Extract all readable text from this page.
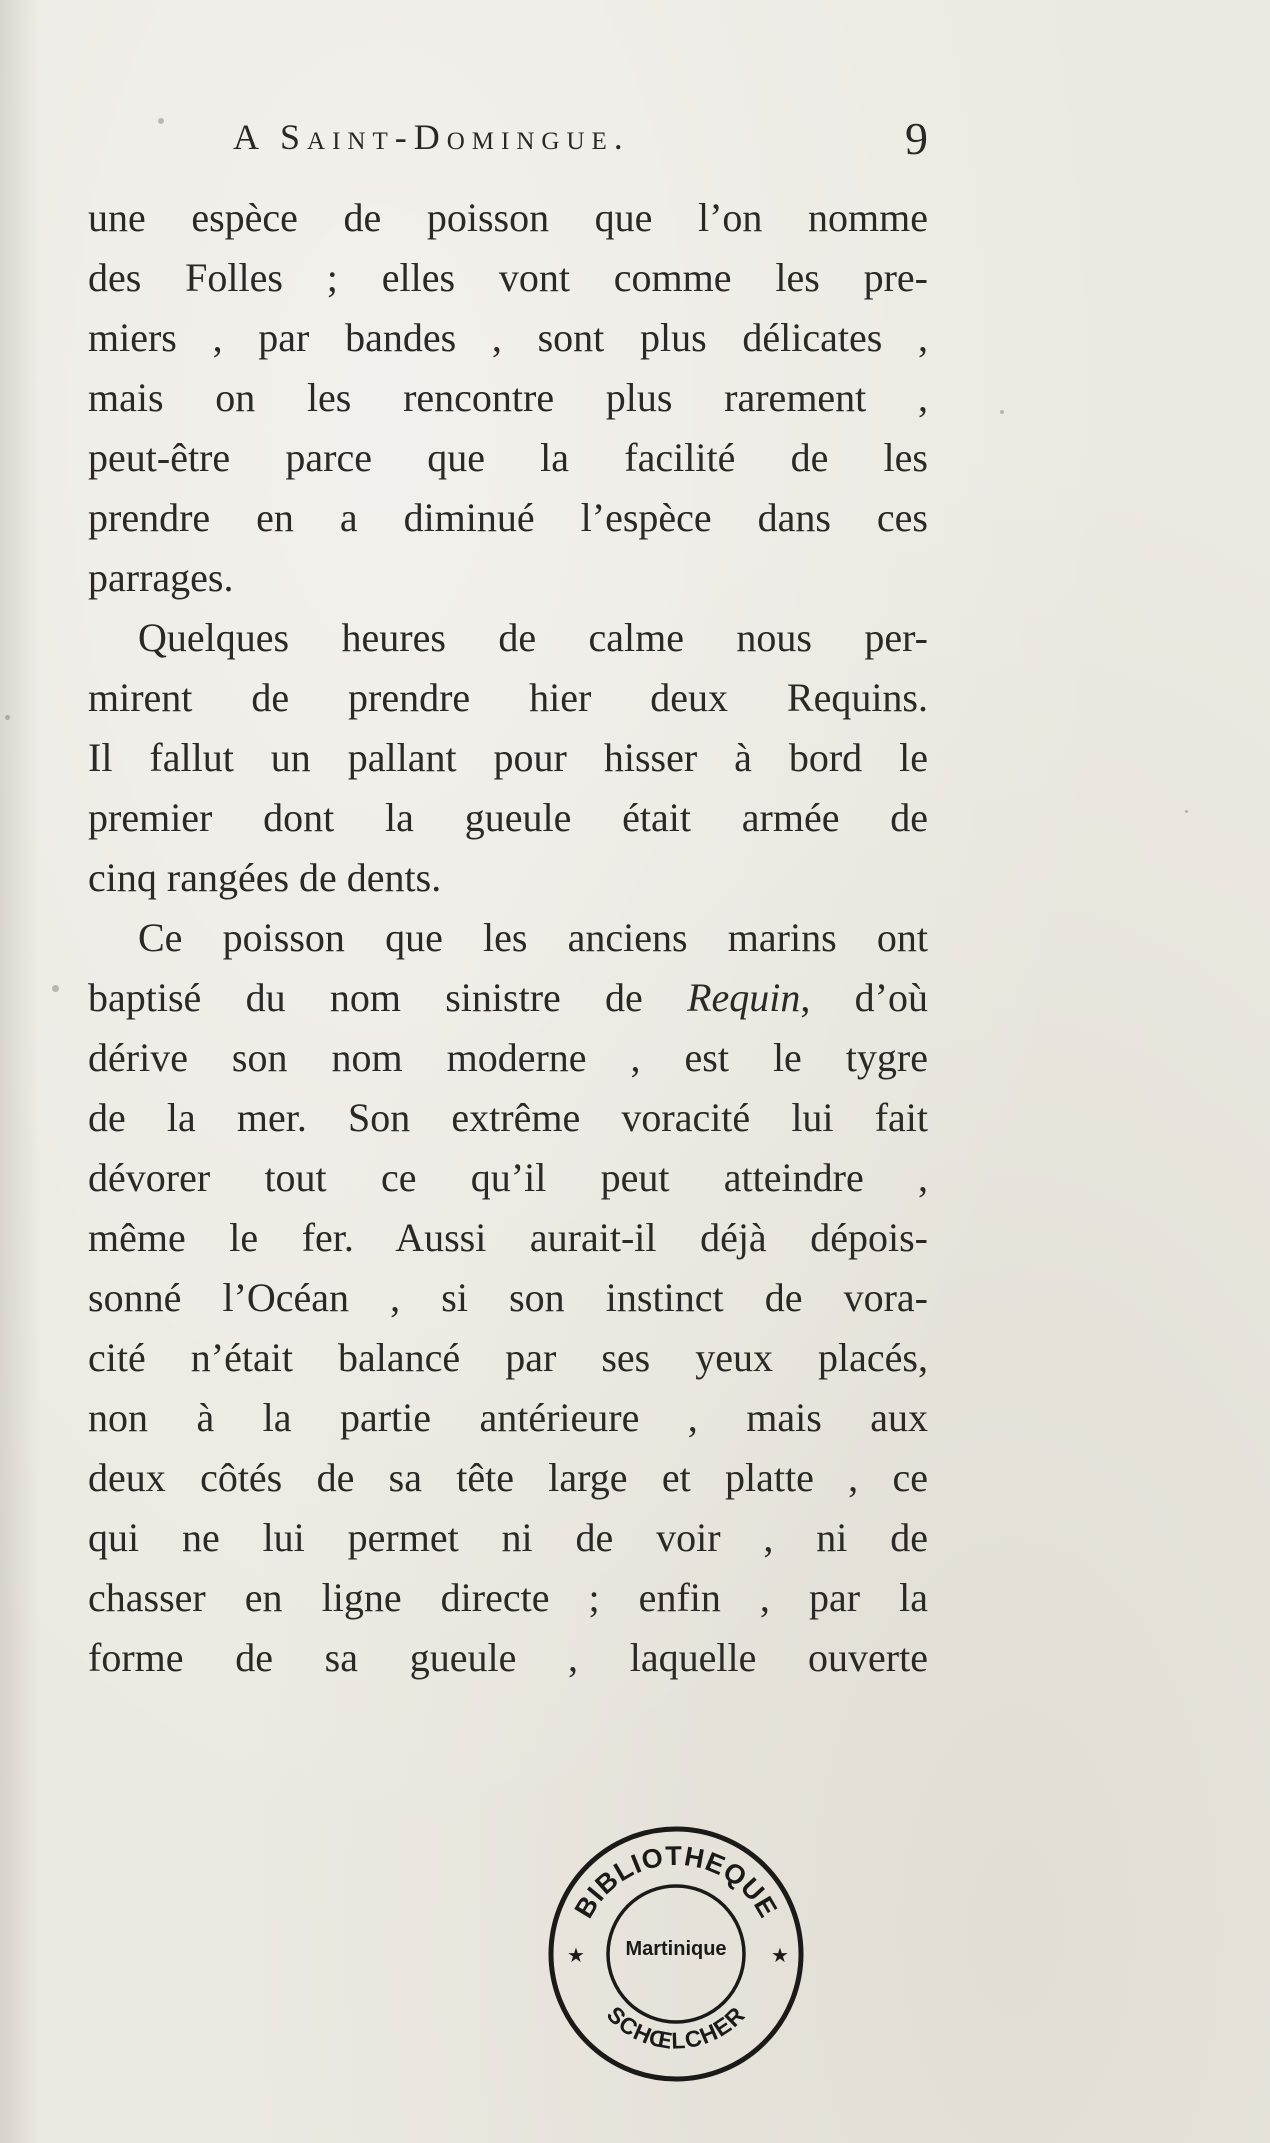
A Saint-Domingue.	9
une espèce de poisson que l’on nomme
des Folles ; elles vont comme les pre-
miers , par bandes , sont plus délicates ,
mais on les rencontre plus rarement ,
peut-être parce que la facilité de les
prendre en a diminué l’espèce dans ces
parrages.
Quelques heures de calme nous per-
mirent de prendre hier deux Requins.
Il fallut un pallant pour hisser à bord le
premier dont la gueule était armée de
cinq rangées de dents.
Ce poisson que les anciens marins ont
baptisé du nom sinistre de Requin, d’où
dérive son nom moderne , est le tygre
de la mer. Son extrême voracité lui fait
dévorer tout ce qu’il peut atteindre ,
même le fer. Aussi aurait-il déjà dépois-
sonné l’Océan , si son instinct de vora-
cité n’était balancé par ses yeux placés,
non à la partie antérieure , mais aux
deux côtés de sa tête large et platte , ce
qui ne lui permet ni de voir , ni de
chasser en ligne directe ; enfin , par la
forme de sa gueule , laquelle ouverte
BIBLIOTHEQUE
SCHŒLCHER
★	★
Martinique
